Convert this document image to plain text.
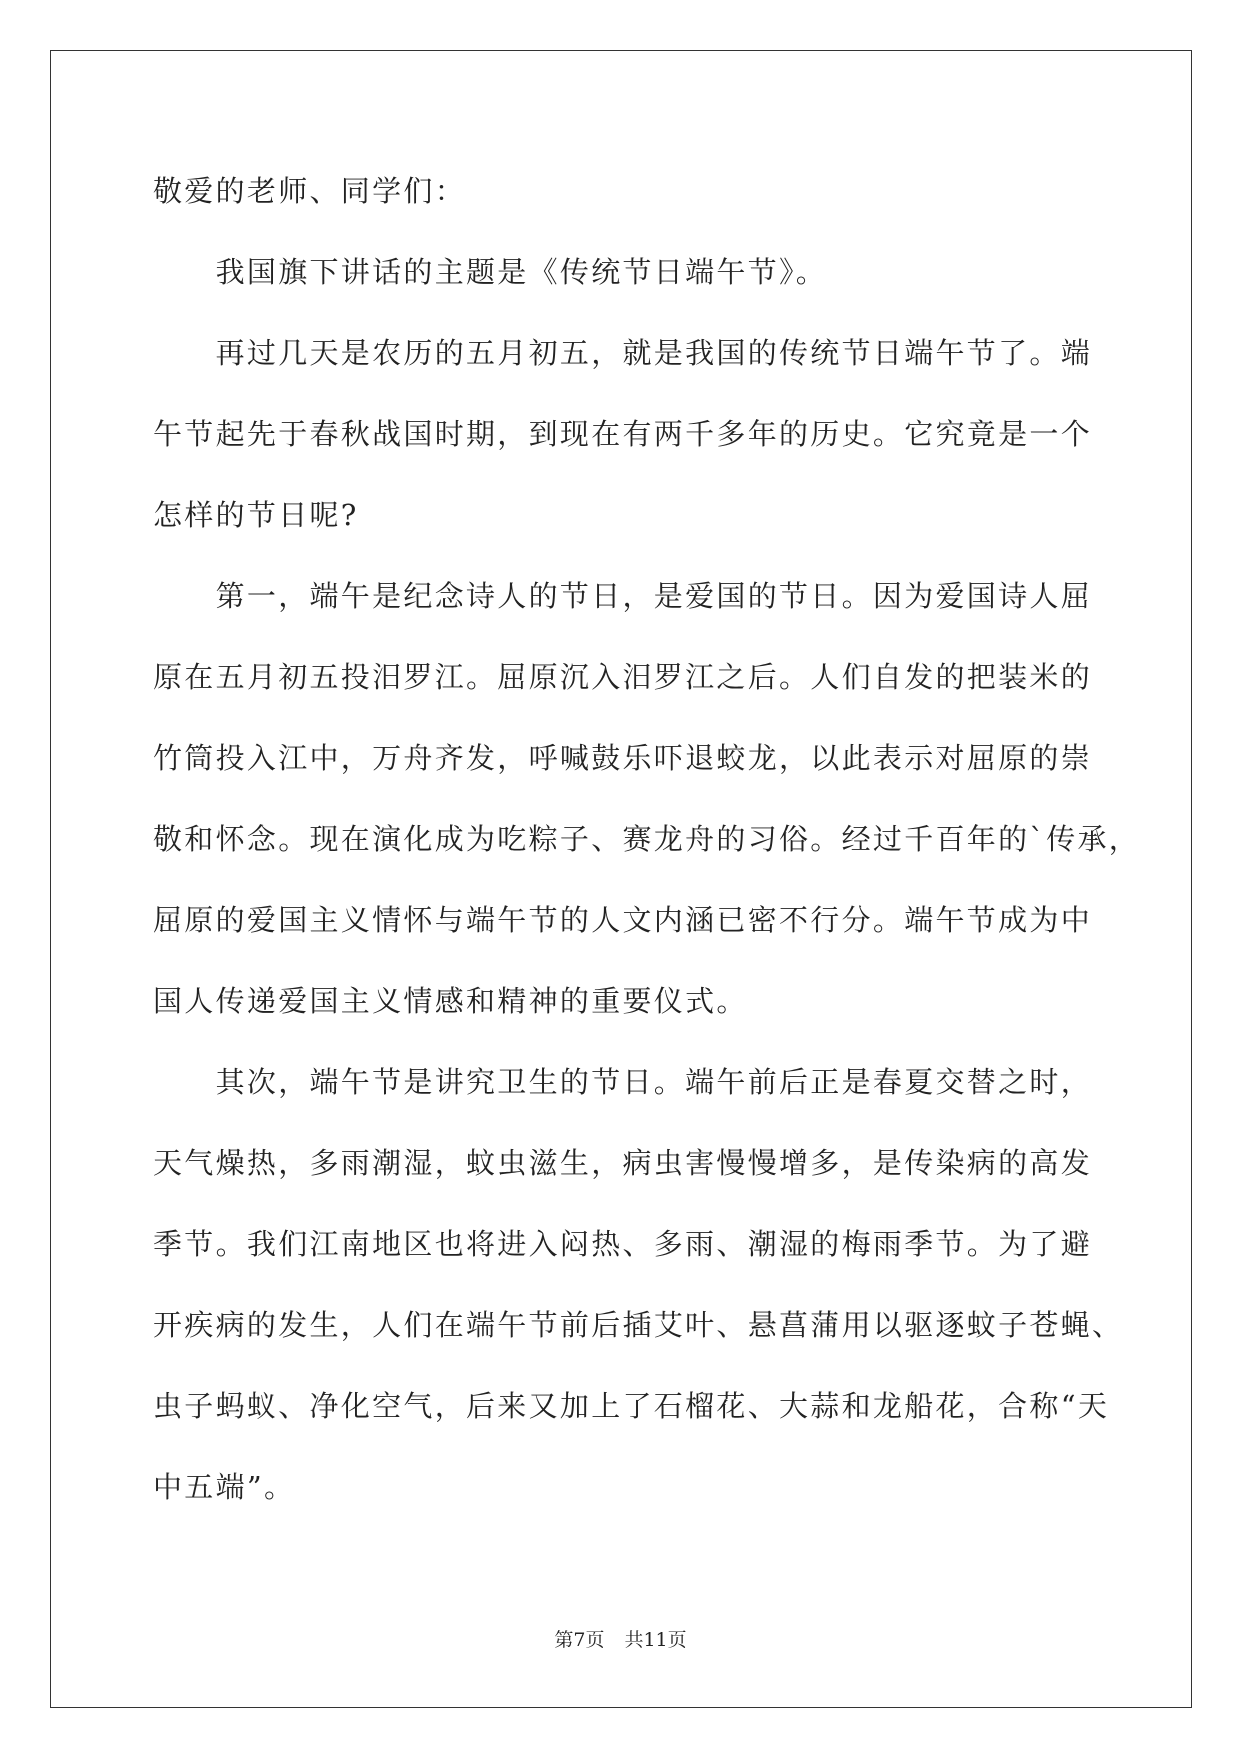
敬爱的老师、同学们：
　　我国旗下讲话的主题是《传统节日端午节》。
　　再过几天是农历的五月初五，就是我国的传统节日端午节了。端
午节起先于春秋战国时期，到现在有两千多年的历史。它究竟是一个
怎样的节日呢?
　　第一，端午是纪念诗人的节日，是爱国的节日。因为爱国诗人屈
原在五月初五投汨罗江。屈原沉入汨罗江之后。人们自发的把装米的
竹筒投入江中，万舟齐发，呼喊鼓乐吓退蛟龙，以此表示对屈原的崇
敬和怀念。现在演化成为吃粽子、赛龙舟的习俗。经过千百年的`传承，
屈原的爱国主义情怀与端午节的人文内涵已密不行分。端午节成为中
国人传递爱国主义情感和精神的重要仪式。
　　其次，端午节是讲究卫生的节日。端午前后正是春夏交替之时，
天气燥热，多雨潮湿，蚊虫滋生，病虫害慢慢增多，是传染病的高发
季节。我们江南地区也将进入闷热、多雨、潮湿的梅雨季节。为了避
开疾病的发生，人们在端午节前后插艾叶、悬菖蒲用以驱逐蚊子苍蝇、
虫子蚂蚁、净化空气，后来又加上了石榴花、大蒜和龙船花，合称“天
中五端”。
第7页 共11页
